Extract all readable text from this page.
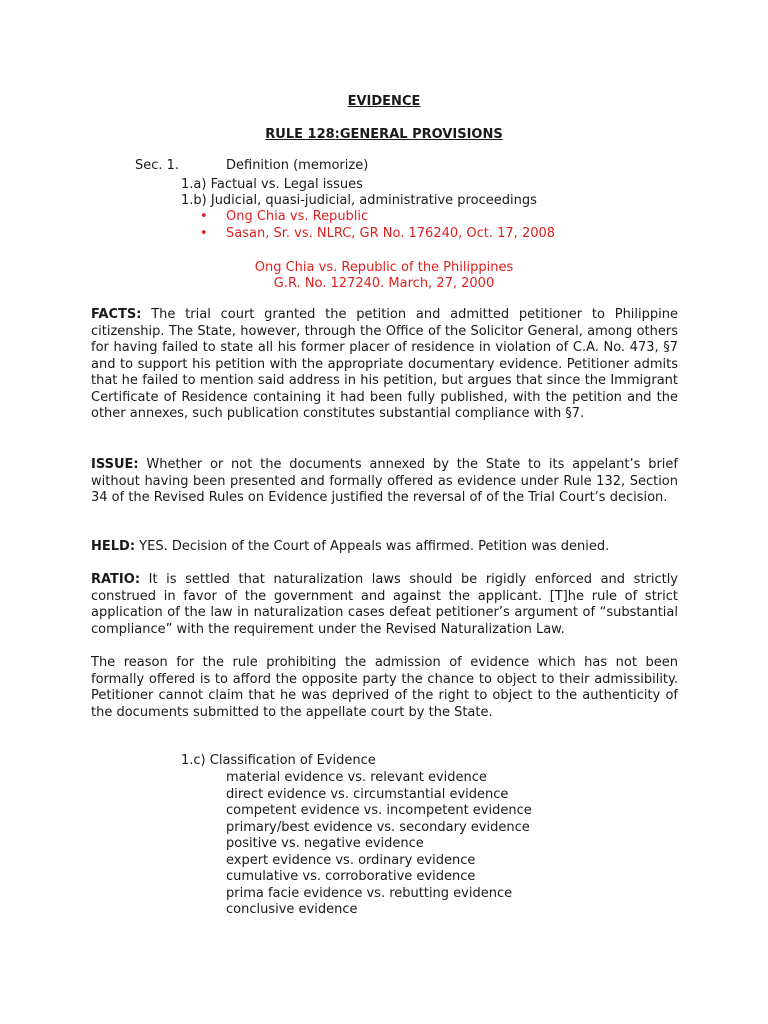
EVIDENCE
RULE 128:GENERAL PROVISIONS
Sec. 1.	Definition (memorize)
1.a) Factual vs. Legal issues
1.b) Judicial, quasi-judicial, administrative proceedings
• Ong Chia vs. Republic
• Sasan, Sr. vs. NLRC, GR No. 176240, Oct. 17, 2008
Ong Chia vs. Republic of the Philippines
G.R. No. 127240. March, 27, 2000
FACTS: The trial court granted the petition and admitted petitioner to Philippine citizenship. The State, however, through the Office of the Solicitor General, among others for having failed to state all his former placer of residence in violation of C.A. No. 473, §7 and to support his petition with the appropriate documentary evidence. Petitioner admits that he failed to mention said address in his petition, but argues that since the Immigrant Certificate of Residence containing it had been fully published, with the petition and the other annexes, such publication constitutes substantial compliance with §7.
ISSUE: Whether or not the documents annexed by the State to its appelant’s brief without having been presented and formally offered as evidence under Rule 132, Section 34 of the Revised Rules on Evidence justified the reversal of of the Trial Court’s decision.
HELD: YES. Decision of the Court of Appeals was affirmed. Petition was denied.
RATIO: It is settled that naturalization laws should be rigidly enforced and strictly construed in favor of the government and against the applicant. [T]he rule of strict application of the law in naturalization cases defeat petitioner’s argument of “substantial compliance” with the requirement under the Revised Naturalization Law.
The reason for the rule prohibiting the admission of evidence which has not been formally offered is to afford the opposite party the chance to object to their admissibility. Petitioner cannot claim that he was deprived of the right to object to the authenticity of the documents submitted to the appellate court by the State.
1.c) Classification of Evidence
material evidence vs. relevant evidence
direct evidence vs. circumstantial evidence
competent evidence vs. incompetent evidence
primary/best evidence vs. secondary evidence
positive vs. negative evidence
expert evidence vs. ordinary evidence
cumulative vs. corroborative evidence
prima facie evidence vs. rebutting evidence
conclusive evidence
